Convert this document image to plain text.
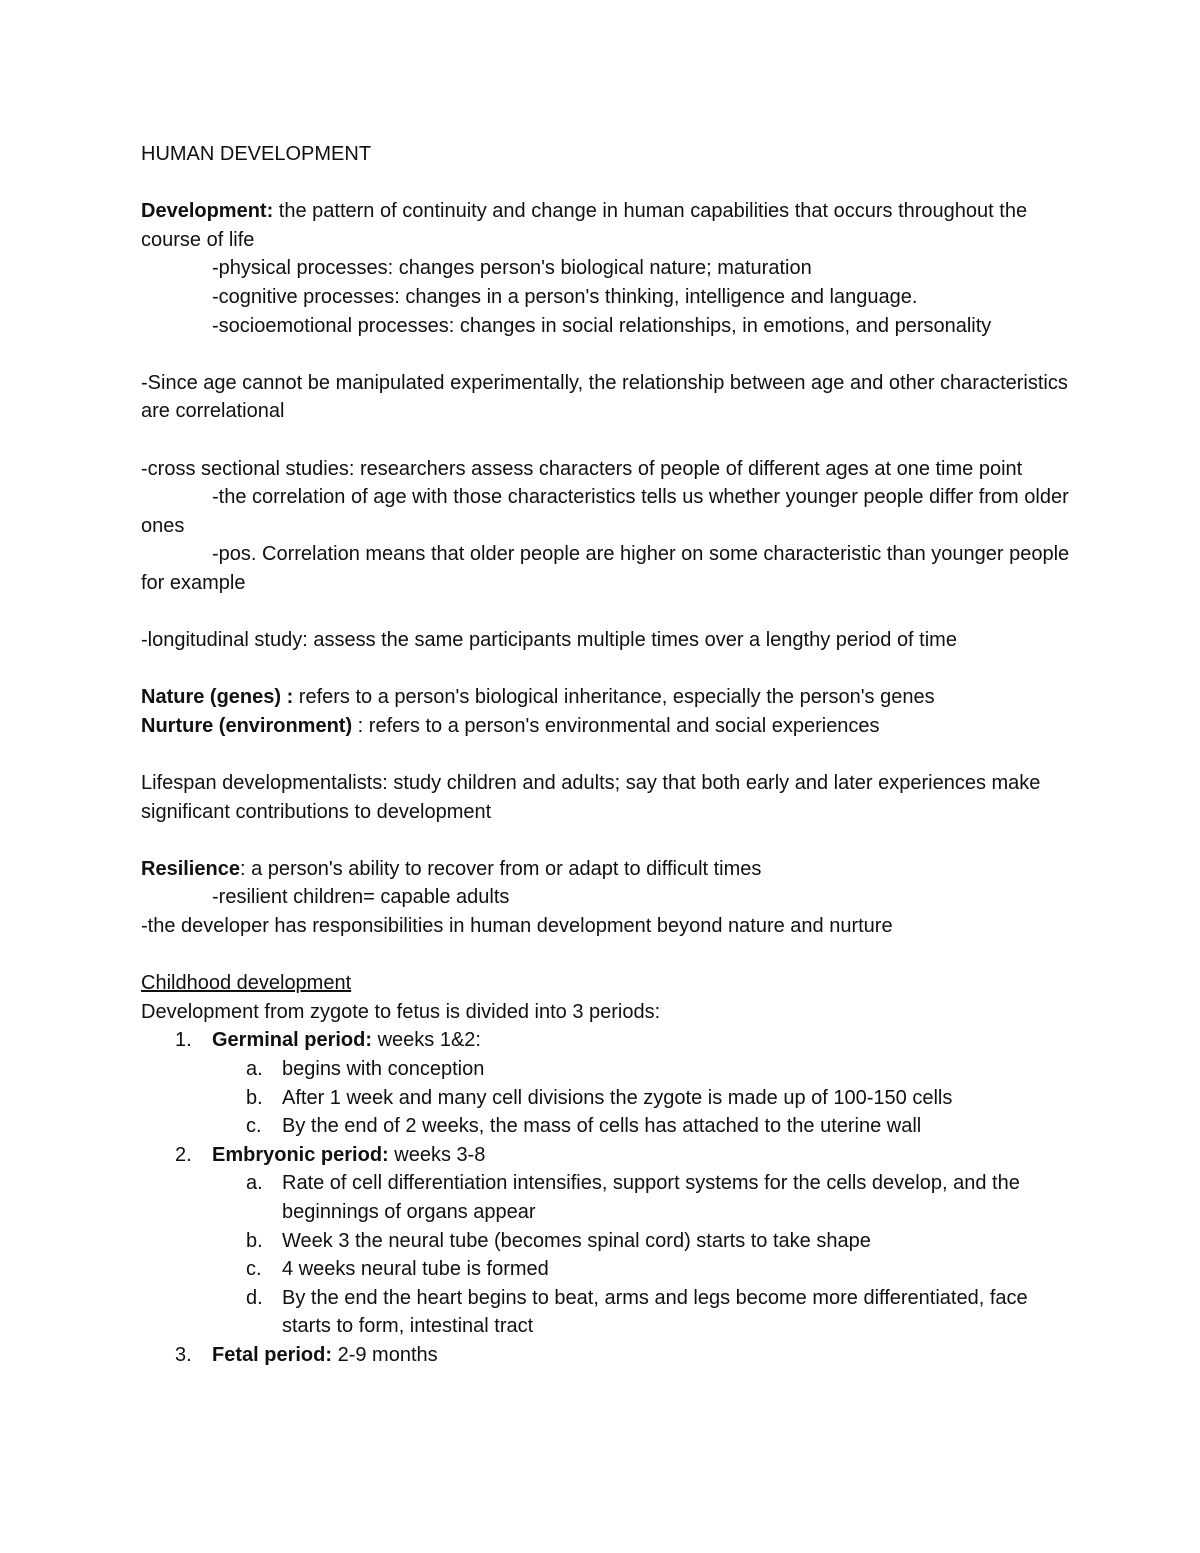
HUMAN DEVELOPMENT

Development: the pattern of continuity and change in human capabilities that occurs throughout the course of life

-physical processes: changes person's biological nature; maturation

-cognitive processes: changes in a person's thinking, intelligence and language.

-socioemotional processes: changes in social relationships, in emotions, and personality

-Since age cannot be manipulated experimentally, the relationship between age and other characteristics are correlational

-cross sectional studies: researchers assess characters of people of different ages at one time point

-the correlation of age with those characteristics tells us whether younger people differ from older ones

-pos. Correlation means that older people are higher on some characteristic than younger people for example

-longitudinal study: assess the same participants multiple times over a lengthy period of time

Nature (genes) : refers to a person's biological inheritance, especially the person's genes

Nurture (environment) : refers to a person's environmental and social experiences

Lifespan developmentalists: study children and adults; say that both early and later experiences make significant contributions to development

Resilience: a person's ability to recover from or adapt to difficult times

-resilient children= capable adults

-the developer has responsibilities in human development beyond nature and nurture

Childhood development

Development from zygote to fetus is divided into 3 periods:

1.	Germinal period: weeks 1&2:
a. begins with conception
b. After 1 week and many cell divisions the zygote is made up of 100-150 cells
c.	By the end of 2 weeks, the mass of cells has attached to the uterine wall
2.	Embryonic period: weeks 3-8
a. Rate of cell differentiation intensifies, support systems for the cells develop, and the beginnings of organs appear
b. Week 3 the neural tube (becomes spinal cord) starts to take shape
c.	4 weeks neural tube is formed
d. By the end the heart begins to beat, arms and legs become more differentiated, face starts to form, intestinal tract
3.	Fetal period: 2-9 months
